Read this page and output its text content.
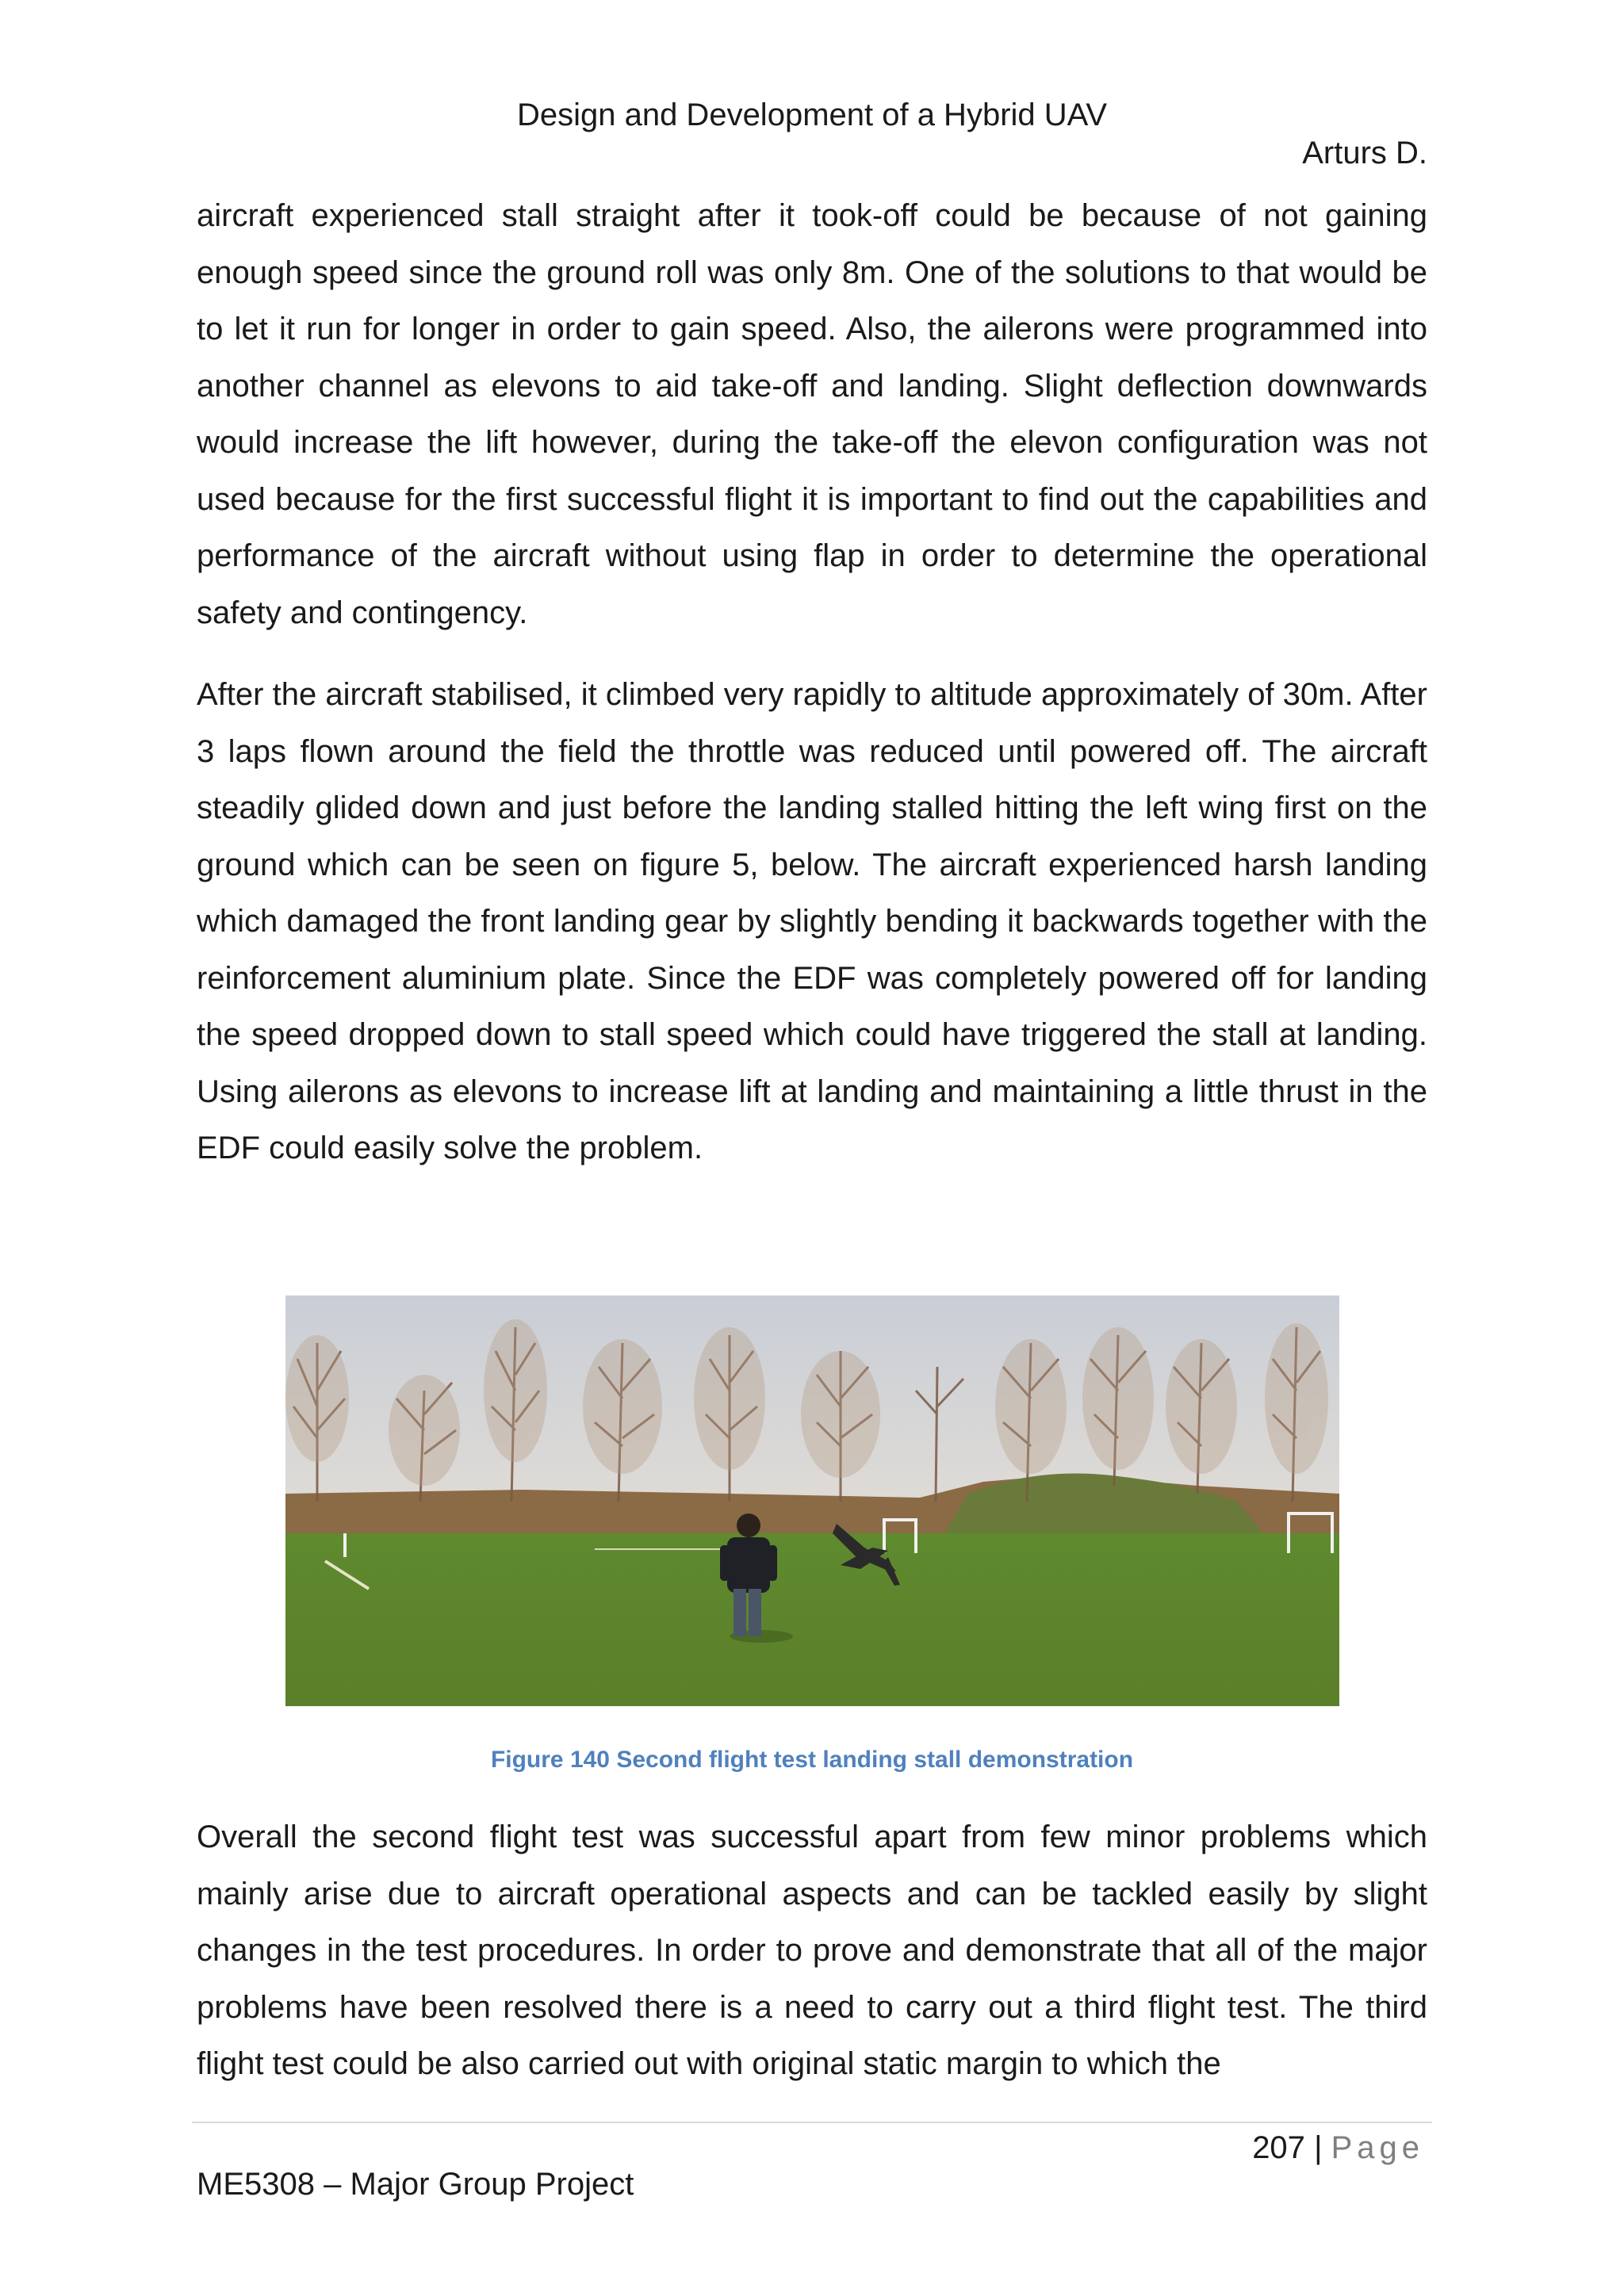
Design and Development of a Hybrid UAV
Arturs D.

aircraft experienced stall straight after it took-off could be because of not gaining enough speed since the ground roll was only 8m. One of the solutions to that would be to let it run for longer in order to gain speed. Also, the ailerons were programmed into another channel as elevons to aid take-off and landing. Slight deflection downwards would increase the lift however, during the take-off the elevon configuration was not used because for the first successful flight it is important to find out the capabilities and performance of the aircraft without using flap in order to determine the operational safety and contingency.

After the aircraft stabilised, it climbed very rapidly to altitude approximately of 30m. After 3 laps flown around the field the throttle was reduced until powered off. The aircraft steadily glided down and just before the landing stalled hitting the left wing first on the ground which can be seen on figure 5, below. The aircraft experienced harsh landing which damaged the front landing gear by slightly bending it backwards together with the reinforcement aluminium plate. Since the EDF was completely powered off for landing the speed dropped down to stall speed which could have triggered the stall at landing. Using ailerons as elevons to increase lift at landing and maintaining a little thrust in the EDF could easily solve the problem.

Figure 140 Second flight test landing stall demonstration

Overall the second flight test was successful apart from few minor problems which mainly arise due to aircraft operational aspects and can be tackled easily by slight changes in the test procedures. In order to prove and demonstrate that all of the major problems have been resolved there is a need to carry out a third flight test. The third flight test could be also carried out with original static margin to which the

207 | Page
ME5308 – Major Group Project
